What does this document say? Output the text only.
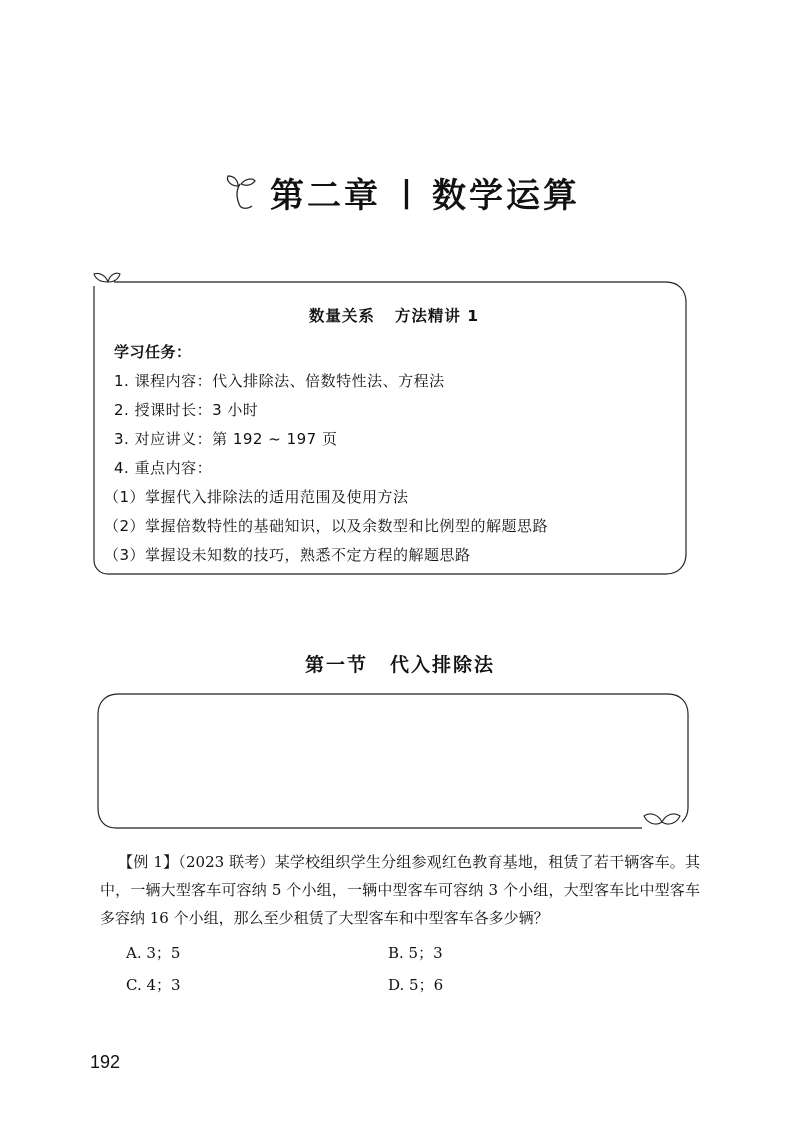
第二章 | 数学运算
数量关系 方法精讲 1
学习任务：
1. 课程内容：代入排除法、倍数特性法、方程法
2. 授课时长：3 小时
3. 对应讲义：第 192 ~ 197 页
4. 重点内容：
（1）掌握代入排除法的适用范围及使用方法
（2）掌握倍数特性的基础知识，以及余数型和比例型的解题思路
（3）掌握设未知数的技巧，熟悉不定方程的解题思路
第一节 代入排除法

【例 1】（2023 联考）某学校组织学生分组参观红色教育基地，租赁了若干辆客车。其中，一辆大型客车可容纳 5 个小组，一辆中型客车可容纳 3 个小组，大型客车比中型客车多容纳 16 个小组，那么至少租赁了大型客车和中型客车各多少辆？

A. 3；5	B. 5；3
C. 4；3	D. 5；6
192
